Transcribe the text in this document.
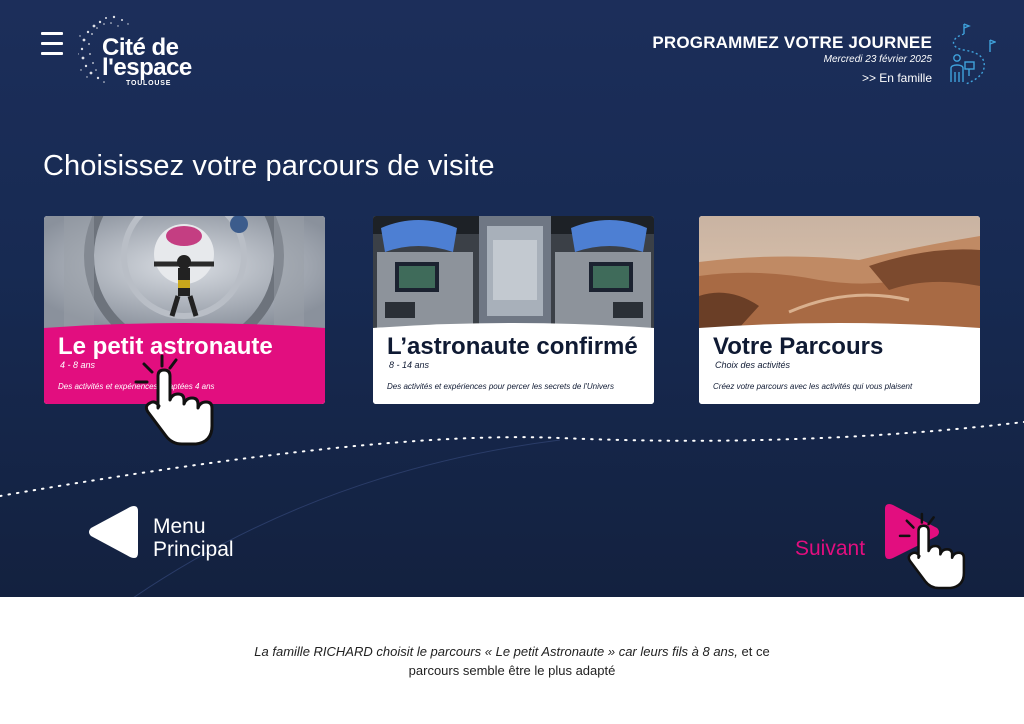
Cité de
l'espace
TOULOUSE
PROGRAMMEZ VOTRE JOURNEE
Mercredi 23 février 2025
>> En famille
Choisissez votre parcours de visite
Le petit astronaute
4 - 8 ans
Des activités et expériences adaptées 4 ans
L’astronaute confirmé
8 - 14 ans
Des activités et expériences pour percer les secrets de l'Univers
Votre Parcours
Choix des activités
Créez votre parcours avec les activités qui vous plaisent
Menu
Principal	Suivant
La famille RICHARD choisit le parcours « Le petit Astronaute » car leurs fils à 8 ans, et ce parcours semble être le plus adapté
